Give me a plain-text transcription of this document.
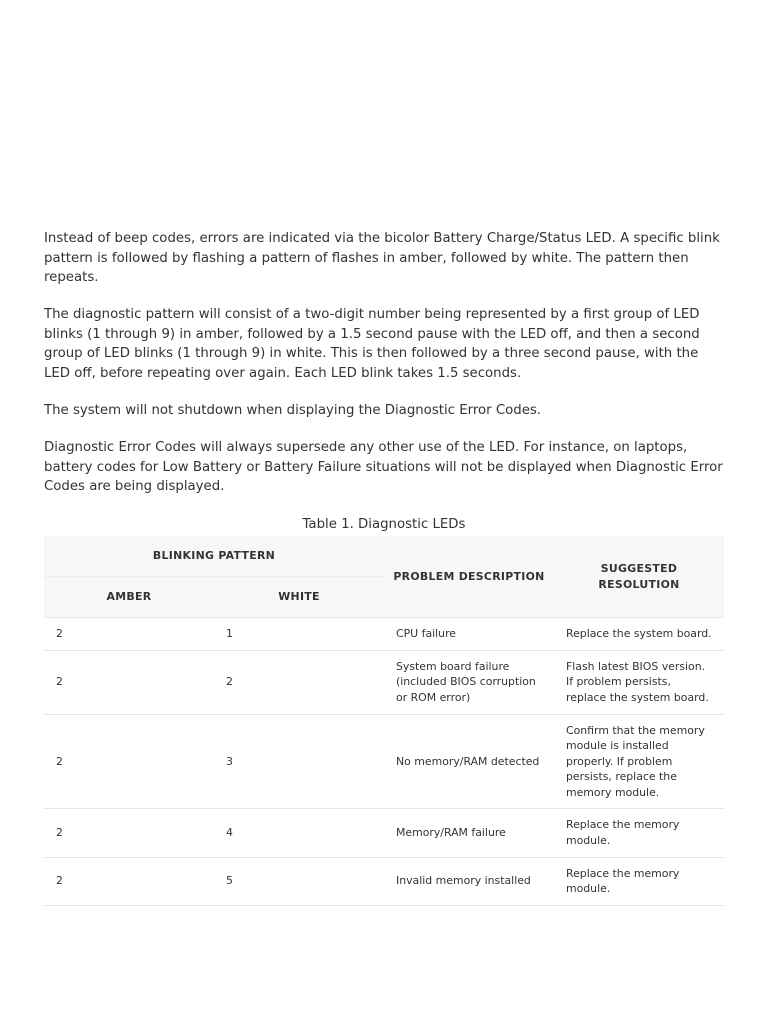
Instead of beep codes, errors are indicated via the bicolor Battery Charge/Status LED. A specific blink pattern is followed by flashing a pattern of flashes in amber, followed by white. The pattern then repeats.

The diagnostic pattern will consist of a two-digit number being represented by a first group of LED blinks (1 through 9) in amber, followed by a 1.5 second pause with the LED off, and then a second group of LED blinks (1 through 9) in white. This is then followed by a three second pause, with the LED off, before repeating over again. Each LED blink takes 1.5 seconds.

The system will not shutdown when displaying the Diagnostic Error Codes.

Diagnostic Error Codes will always supersede any other use of the LED. For instance, on laptops, battery codes for Low Battery or Battery Failure situations will not be displayed when Diagnostic Error Codes are being displayed.

Table 1. Diagnostic LEDs
BLINKING PATTERN		PROBLEM DESCRIPTION	SUGGESTED RESOLUTION
AMBER	WHITE		
2	1	CPU failure	Replace the system board.
2	2	System board failure (included BIOS corruption or ROM error)	Flash latest BIOS version. If problem persists, replace the system board.
2	3	No memory/RAM detected	Confirm that the memory module is installed properly. If problem persists, replace the memory module.
2	4	Memory/RAM failure	Replace the memory module.
2	5	Invalid memory installed	Replace the memory module.
